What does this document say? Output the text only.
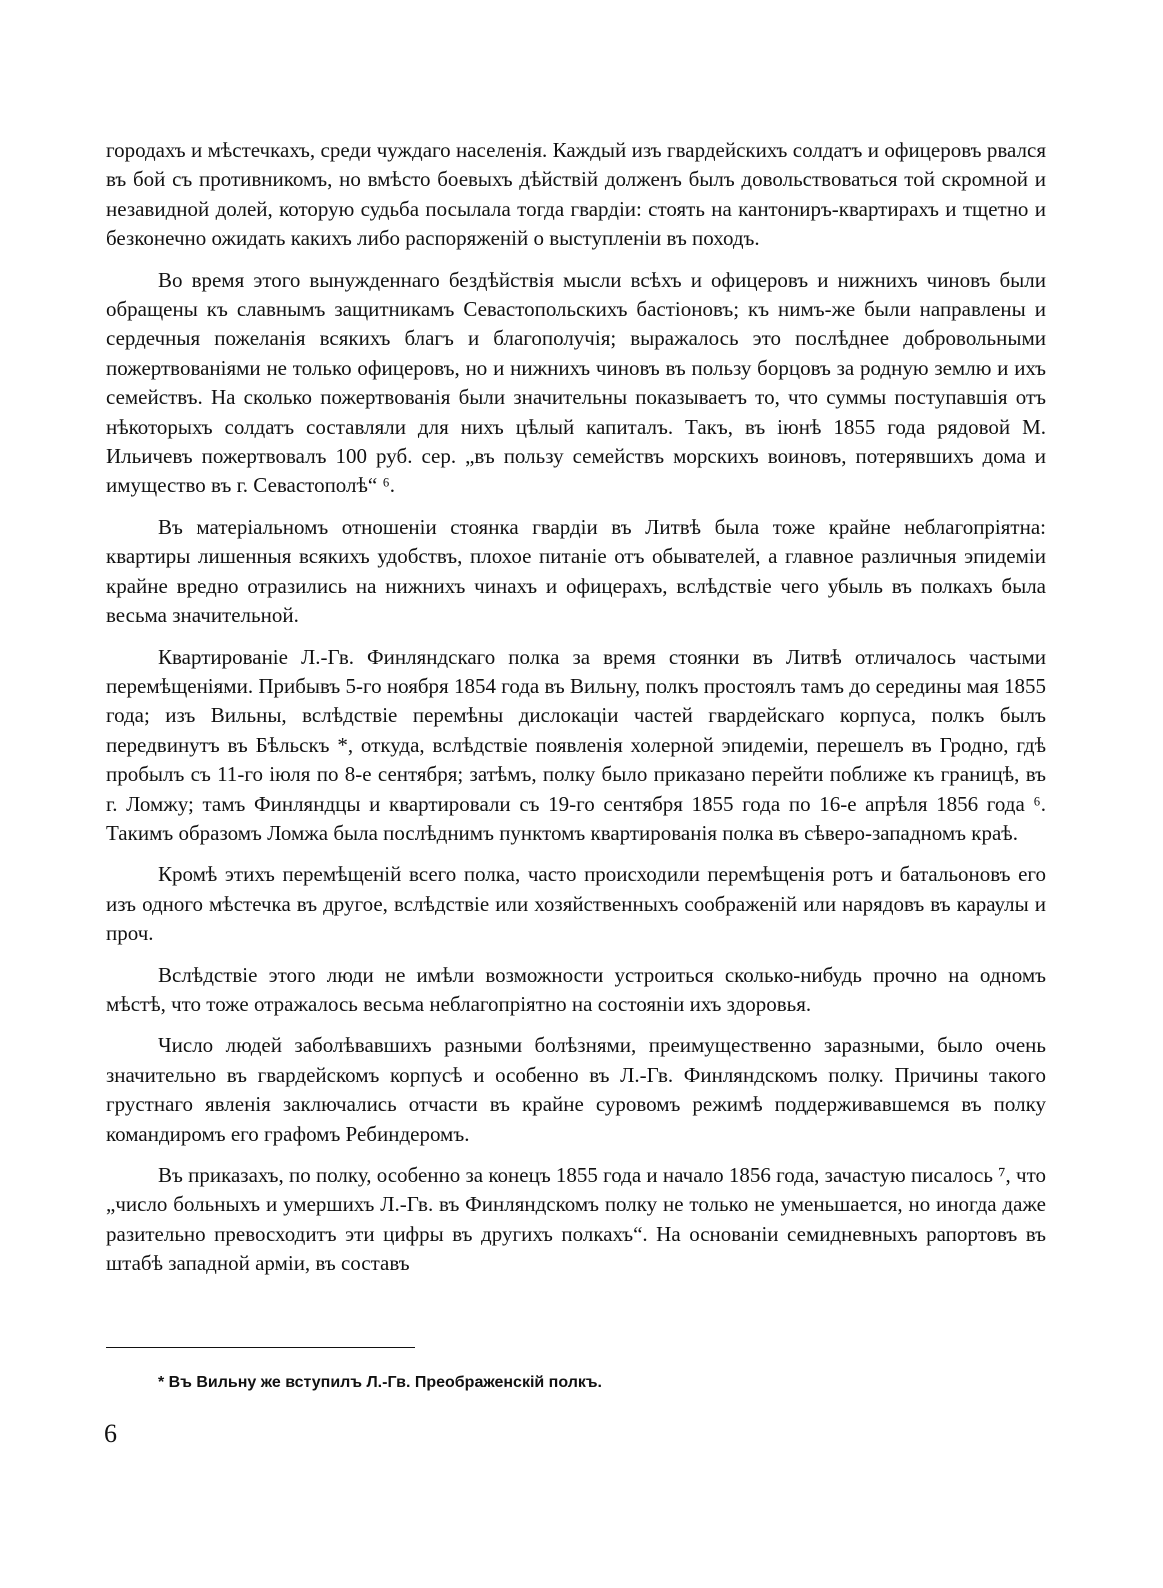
городахъ и мѣстечкахъ, среди чуждаго населенія. Каждый изъ гвардейскихъ солдатъ и офицеровъ рвался въ бой съ противникомъ, но вмѣсто боевыхъ дѣйствій долженъ былъ довольствоваться той скромной и незавидной долей, которую судьба посылала тогда гвардіи: стоять на кантониръ-квартирахъ и тщетно и безконечно ожидать какихъ либо распоряженій о выступленіи въ походъ.

Во время этого вынужденнаго бездѣйствія мысли всѣхъ и офицеровъ и нижнихъ чиновъ были обращены къ славнымъ защитникамъ Севастопольскихъ бастіоновъ; къ нимъ-же были направлены и сердечныя пожеланія всякихъ благъ и благополучія; выражалось это послѣднее добровольными пожертвованіями не только офицеровъ, но и нижнихъ чиновъ въ пользу борцовъ за родную землю и ихъ семействъ. На сколько пожертвованія были значительны показываетъ то, что суммы поступавшія отъ нѣкоторыхъ солдатъ составляли для нихъ цѣлый капиталъ. Такъ, въ іюнѣ 1855 года рядовой М. Ильичевъ пожертвовалъ 100 руб. сер. „въ пользу семействъ морскихъ воиновъ, потерявшихъ дома и имущество въ г. Севастополѣ“ ⁶.

Въ матеріальномъ отношеніи стоянка гвардіи въ Литвѣ была тоже крайне неблагопріятна: квартиры лишенныя всякихъ удобствъ, плохое питаніе отъ обывателей, а главное различныя эпидеміи крайне вредно отразились на нижнихъ чинахъ и офицерахъ, вслѣдствіе чего убыль въ полкахъ была весьма значительной.

Квартированіе Л.-Гв. Финляндскаго полка за время стоянки въ Литвѣ отличалось частыми перемѣщеніями. Прибывъ 5-го ноября 1854 года въ Вильну, полкъ простоялъ тамъ до середины мая 1855 года; изъ Вильны, вслѣдствіе перемѣны дислокаціи частей гвардейскаго корпуса, полкъ былъ передвинутъ въ Бѣльскъ *, откуда, вслѣдствіе появленія холерной эпидеміи, перешелъ въ Гродно, гдѣ пробылъ съ 11-го іюля по 8-е сентября; затѣмъ, полку было приказано перейти поближе къ границѣ, въ г. Ломжу; тамъ Финляндцы и квартировали съ 19-го сентября 1855 года по 16-е апрѣля 1856 года ⁶. Такимъ образомъ Ломжа была послѣднимъ пунктомъ квартированія полка въ сѣверо-западномъ краѣ.

Кромѣ этихъ перемѣщеній всего полка, часто происходили перемѣщенія ротъ и батальоновъ его изъ одного мѣстечка въ другое, вслѣдствіе или хозяйственныхъ соображеній или нарядовъ въ караулы и проч.

Вслѣдствіе этого люди не имѣли возможности устроиться сколько-нибудь прочно на одномъ мѣстѣ, что тоже отражалось весьма неблагопріятно на состояніи ихъ здоровья.

Число людей заболѣвавшихъ разными болѣзнями, преимущественно заразными, было очень значительно въ гвардейскомъ корпусѣ и особенно въ Л.-Гв. Финляндскомъ полку. Причины такого грустнаго явленія заключались отчасти въ крайне суровомъ режимѣ поддерживавшемся въ полку командиромъ его графомъ Ребиндеромъ.

Въ приказахъ, по полку, особенно за конецъ 1855 года и начало 1856 года, зачастую писалось ⁷, что „число больныхъ и умершихъ Л.-Гв. въ Финляндскомъ полку не только не уменьшается, но иногда даже разительно превосходитъ эти цифры въ другихъ полкахъ“. На основаніи семидневныхъ рапортовъ въ штабѣ западной арміи, въ составъ

* Въ Вильну же вступилъ Л.-Гв. Преображенскій полкъ.

6
